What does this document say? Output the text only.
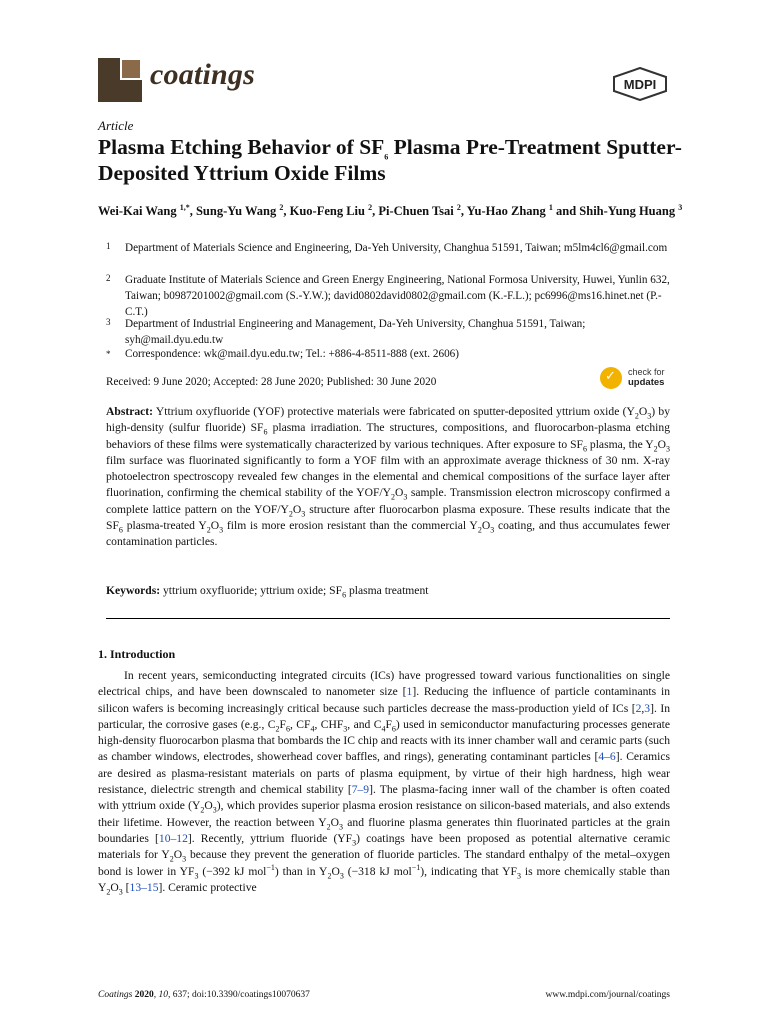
coatings	MDPI
Article
Plasma Etching Behavior of $SF_6$ Plasma Pre-Treatment Sputter-Deposited Yttrium Oxide Films
Wei-Kai Wang $^{1,*}$, Sung-Yu Wang $^2$, Kuo-Feng Liu $^2$, Pi-Chuen Tsai $^2$, Yu-Hao Zhang $^1$ and Shih-Yung Huang $^3$
1 Department of Materials Science and Engineering, Da-Yeh University, Changhua 51591, Taiwan; m5lm4cl6@gmail.com
2 Graduate Institute of Materials Science and Green Energy Engineering, National Formosa University, Huwei, Yunlin 632, Taiwan; b0987201002@gmail.com (S.-Y.W.); david0802david0802@gmail.com (K.-F.L.); pc6996@ms16.hinet.net (P.-C.T.)
3 Department of Industrial Engineering and Management, Da-Yeh University, Changhua 51591, Taiwan; syh@mail.dyu.edu.tw
* Correspondence: wk@mail.dyu.edu.tw; Tel.: +886-4-8511-888 (ext. 2606)
Received: 9 June 2020; Accepted: 28 June 2020; Published: 30 June 2020
✓
check for
updates
Abstract: Yttrium oxyfluoride (YOF) protective materials were fabricated on sputter-deposited yttrium oxide $(Y_2O_3)$ by high-density (sulfur fluoride) $SF_6$ plasma irradiation. The structures, compositions, and fluorocarbon-plasma etching behaviors of these films were systematically characterized by various techniques. After exposure to $SF_6$ plasma, the $Y_2O_3$ film surface was fluorinated significantly to form a YOF film with an approximate average thickness of 30 nm. X-ray photoelectron spectroscopy revealed few changes in the elemental and chemical compositions of the surface layer after fluorination, confirming the chemical stability of the YOF/$Y_2O_3$ sample. Transmission electron microscopy confirmed a complete lattice pattern on the YOF/$Y_2O_3$ structure after fluorocarbon plasma exposure. These results indicate that the $SF_6$ plasma-treated $Y_2O_3$ film is more erosion resistant than the commercial $Y_2O_3$ coating, and thus accumulates fewer contamination particles.
Keywords: yttrium oxyfluoride; yttrium oxide; $SF_6$ plasma treatment
1. Introduction
In recent years, semiconducting integrated circuits (ICs) have progressed toward various functionalities on single electrical chips, and have been downscaled to nanometer size [1]. Reducing the influence of particle contaminants in silicon wafers is becoming increasingly critical because such particles decrease the mass-production yield of ICs [2,3]. In particular, the corrosive gases (e.g., $C_2F_6$, $CF_4$, $CHF_3$, and $C_4F_6$) used in semiconductor manufacturing processes generate high-density fluorocarbon plasma that bombards the IC chip and reacts with its inner chamber wall and ceramic parts (such as chamber windows, electrodes, showerhead cover baffles, and rings), generating contaminant particles [4–6]. Ceramics are desired as plasma-resistant materials on parts of plasma equipment, by virtue of their high hardness, high wear resistance, dielectric strength and chemical stability [7–9]. The plasma-facing inner wall of the chamber is often coated with yttrium oxide $(Y_2O_3)$, which provides superior plasma erosion resistance on silicon-based materials, and also extends their lifetime. However, the reaction between $Y_2O_3$ and fluorine plasma generates thin fluorinated particles at the grain boundaries [10–12]. Recently, yttrium fluoride $(YF_3)$ coatings have been proposed as potential alternative ceramic materials for $Y_2O_3$ because they prevent the generation of fluoride particles. The standard enthalpy of the metal–oxygen bond is lower in $YF_3$ (−392 kJ mol$^{-1}$) than in $Y_2O_3$ (−318 kJ mol$^{-1}$), indicating that $YF_3$ is more chemically stable than $Y_2O_3$ [13–15]. Ceramic protective
Coatings 2020, 10, 637; doi:10.3390/coatings10070637	www.mdpi.com/journal/coatings
